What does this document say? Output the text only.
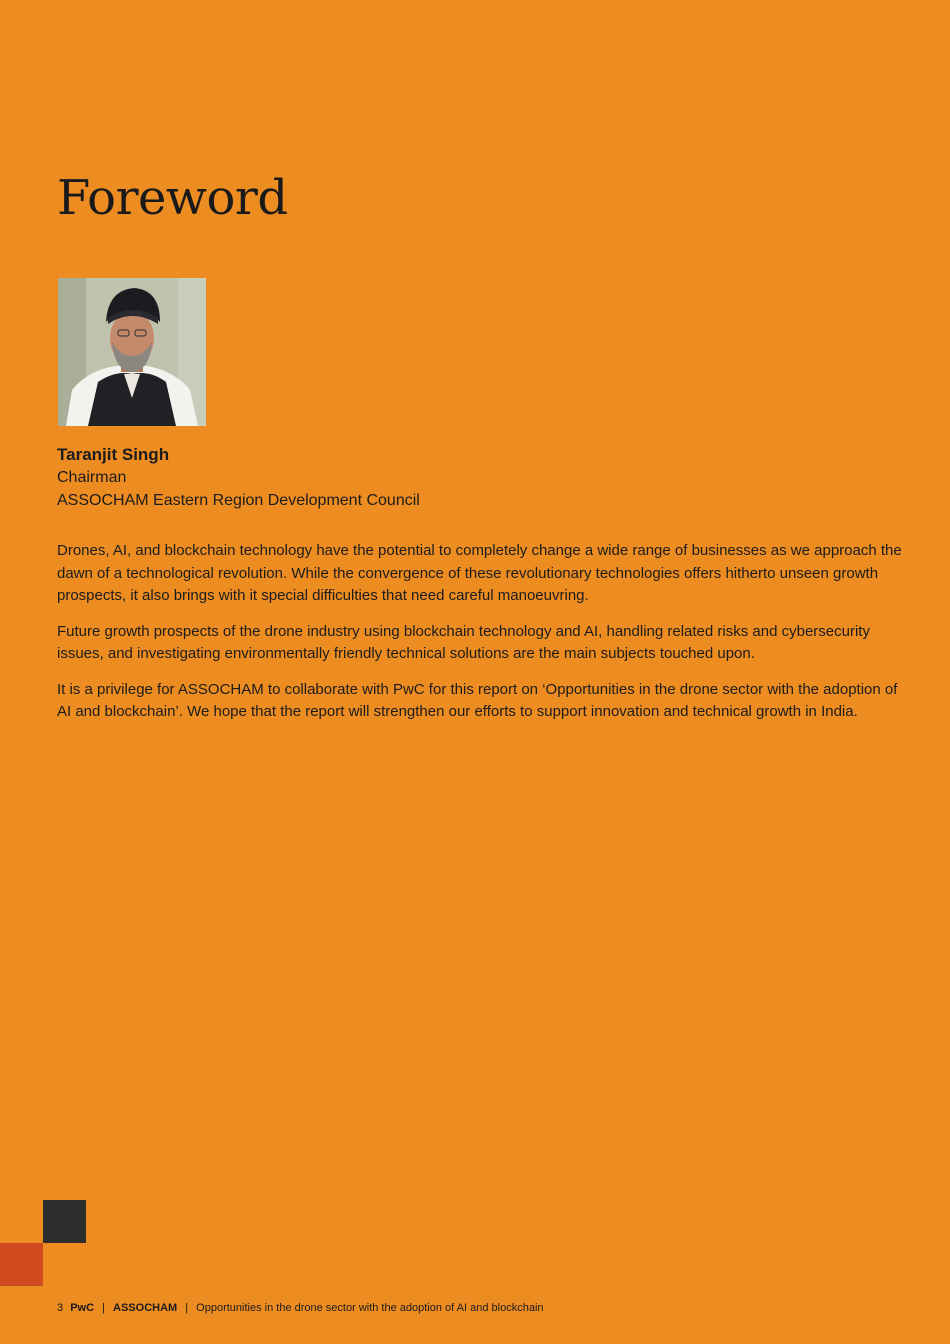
Foreword
Taranjit Singh
Chairman
ASSOCHAM Eastern Region Development Council

Drones, AI, and blockchain technology have the potential to completely change a wide range of businesses as we approach the dawn of a technological revolution. While the convergence of these revolutionary technologies offers hitherto unseen growth prospects, it also brings with it special difficulties that need careful manoeuvring.

Future growth prospects of the drone industry using blockchain technology and AI, handling related risks and cybersecurity issues, and investigating environmentally friendly technical solutions are the main subjects touched upon.

It is a privilege for ASSOCHAM to collaborate with PwC for this report on ‘Opportunities in the drone sector with the adoption of AI and blockchain’. We hope that the report will strengthen our efforts to support innovation and technical growth in India.

3 PwC | ASSOCHAM | Opportunities in the drone sector with the adoption of AI and blockchain
